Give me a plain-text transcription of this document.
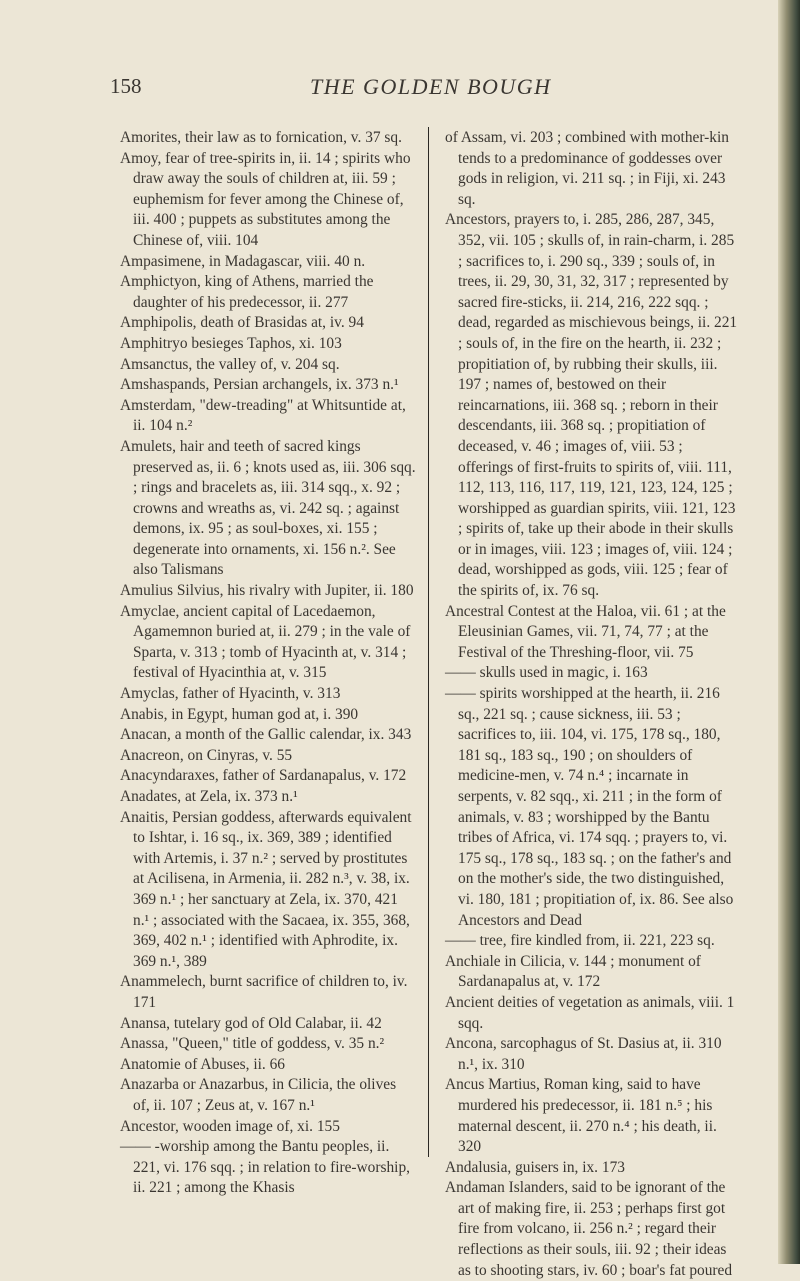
158	THE GOLDEN BOUGH

Amorites, their law as to fornication, v. 37 sq.

Amoy, fear of tree-spirits in, ii. 14 ; spirits who draw away the souls of children at, iii. 59 ; euphemism for fever among the Chinese of, iii. 400 ; puppets as substitutes among the Chinese of, viii. 104

Ampasimene, in Madagascar, viii. 40 n.

Amphictyon, king of Athens, married the daughter of his predecessor, ii. 277

Amphipolis, death of Brasidas at, iv. 94

Amphitryo besieges Taphos, xi. 103

Amsanctus, the valley of, v. 204 sq.

Amshaspands, Persian archangels, ix. 373 n.¹

Amsterdam, "dew-treading" at Whitsuntide at, ii. 104 n.²

Amulets, hair and teeth of sacred kings preserved as, ii. 6 ; knots used as, iii. 306 sqq. ; rings and bracelets as, iii. 314 sqq., x. 92 ; crowns and wreaths as, vi. 242 sq. ; against demons, ix. 95 ; as soul-boxes, xi. 155 ; degenerate into ornaments, xi. 156 n.². See also Talismans

Amulius Silvius, his rivalry with Jupiter, ii. 180

Amyclae, ancient capital of Lacedaemon, Agamemnon buried at, ii. 279 ; in the vale of Sparta, v. 313 ; tomb of Hyacinth at, v. 314 ; festival of Hyacinthia at, v. 315

Amyclas, father of Hyacinth, v. 313

Anabis, in Egypt, human god at, i. 390

Anacan, a month of the Gallic calendar, ix. 343

Anacreon, on Cinyras, v. 55

Anacyndaraxes, father of Sardanapalus, v. 172

Anadates, at Zela, ix. 373 n.¹

Anaitis, Persian goddess, afterwards equivalent to Ishtar, i. 16 sq., ix. 369, 389 ; identified with Artemis, i. 37 n.² ; served by prostitutes at Acilisena, in Armenia, ii. 282 n.³, v. 38, ix. 369 n.¹ ; her sanctuary at Zela, ix. 370, 421 n.¹ ; associated with the Sacaea, ix. 355, 368, 369, 402 n.¹ ; identified with Aphrodite, ix. 369 n.¹, 389

Anammelech, burnt sacrifice of children to, iv. 171

Anansa, tutelary god of Old Calabar, ii. 42

Anassa, "Queen," title of goddess, v. 35 n.²

Anatomie of Abuses, ii. 66

Anazarba or Anazarbus, in Cilicia, the olives of, ii. 107 ; Zeus at, v. 167 n.¹

Ancestor, wooden image of, xi. 155

—— -worship among the Bantu peoples, ii. 221, vi. 176 sqq. ; in relation to fire-worship, ii. 221 ; among the Khasis

of Assam, vi. 203 ; combined with mother-kin tends to a predominance of goddesses over gods in religion, vi. 211 sq. ; in Fiji, xi. 243 sq.

Ancestors, prayers to, i. 285, 286, 287, 345, 352, vii. 105 ; skulls of, in rain-charm, i. 285 ; sacrifices to, i. 290 sq., 339 ; souls of, in trees, ii. 29, 30, 31, 32, 317 ; represented by sacred fire-sticks, ii. 214, 216, 222 sqq. ; dead, regarded as mischievous beings, ii. 221 ; souls of, in the fire on the hearth, ii. 232 ; propitiation of, by rubbing their skulls, iii. 197 ; names of, bestowed on their reincarnations, iii. 368 sq. ; reborn in their descendants, iii. 368 sq. ; propitiation of deceased, v. 46 ; images of, viii. 53 ; offerings of first-fruits to spirits of, viii. 111, 112, 113, 116, 117, 119, 121, 123, 124, 125 ; worshipped as guardian spirits, viii. 121, 123 ; spirits of, take up their abode in their skulls or in images, viii. 123 ; images of, viii. 124 ; dead, worshipped as gods, viii. 125 ; fear of the spirits of, ix. 76 sq.

Ancestral Contest at the Haloa, vii. 61 ; at the Eleusinian Games, vii. 71, 74, 77 ; at the Festival of the Threshing-floor, vii. 75

—— skulls used in magic, i. 163

—— spirits worshipped at the hearth, ii. 216 sq., 221 sq. ; cause sickness, iii. 53 ; sacrifices to, iii. 104, vi. 175, 178 sq., 180, 181 sq., 183 sq., 190 ; on shoulders of medicine-men, v. 74 n.⁴ ; incarnate in serpents, v. 82 sqq., xi. 211 ; in the form of animals, v. 83 ; worshipped by the Bantu tribes of Africa, vi. 174 sqq. ; prayers to, vi. 175 sq., 178 sq., 183 sq. ; on the father's and on the mother's side, the two distinguished, vi. 180, 181 ; propitiation of, ix. 86. See also Ancestors and Dead

—— tree, fire kindled from, ii. 221, 223 sq.

Anchiale in Cilicia, v. 144 ; monument of Sardanapalus at, v. 172

Ancient deities of vegetation as animals, viii. 1 sqq.

Ancona, sarcophagus of St. Dasius at, ii. 310 n.¹, ix. 310

Ancus Martius, Roman king, said to have murdered his predecessor, ii. 181 n.⁵ ; his maternal descent, ii. 270 n.⁴ ; his death, ii. 320

Andalusia, guisers in, ix. 173

Andaman Islanders, said to be ignorant of the art of making fire, ii. 253 ; perhaps first got fire from volcano, ii. 256 n.² ; regard their reflections as their souls, iii. 92 ; their ideas as to shooting stars, iv. 60 ; boar's fat poured
